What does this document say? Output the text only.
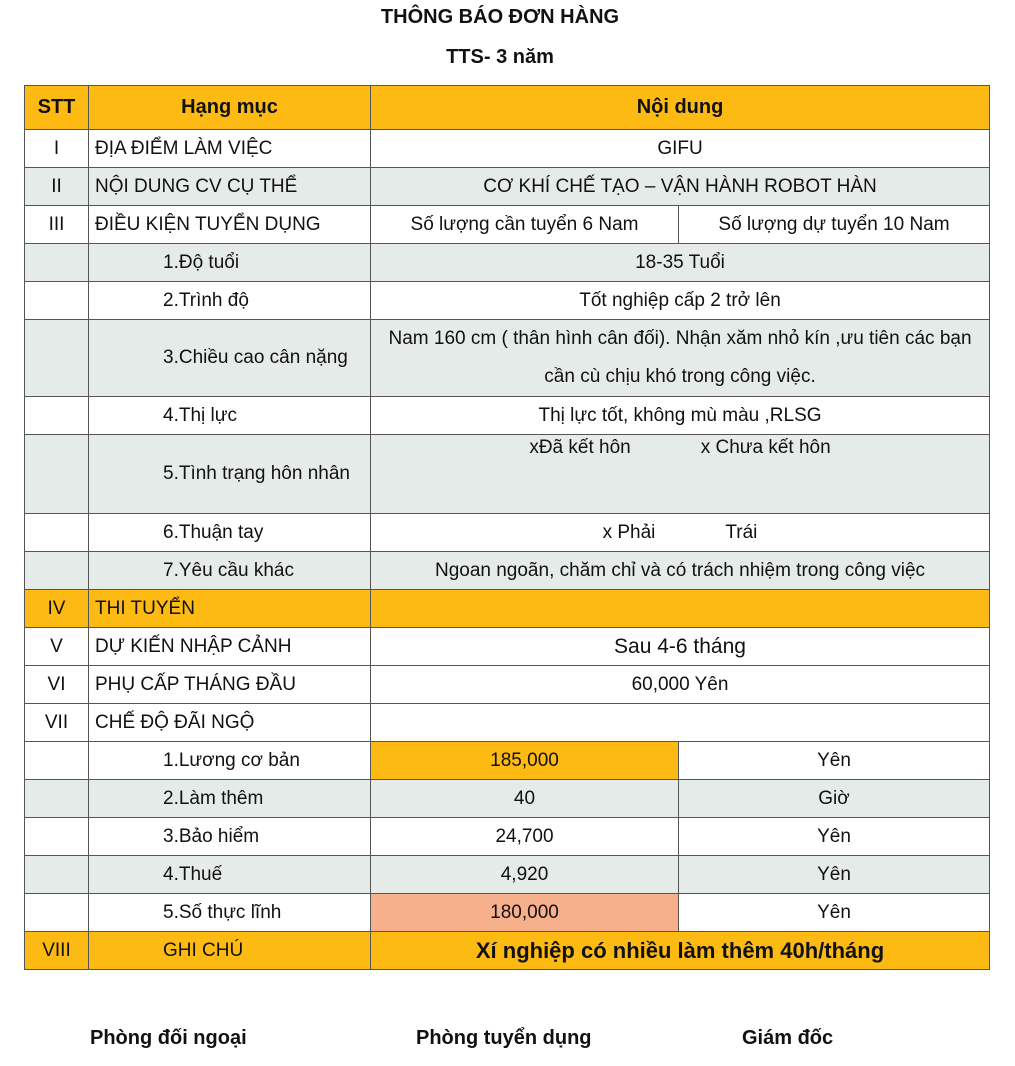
THÔNG BÁO ĐƠN HÀNG
TTS- 3 năm
STT	Hạng mục	Nội dung	
I	ĐỊA ĐIỂM LÀM VIỆC	GIFU	
II	NỘI DUNG CV CỤ THỂ	CƠ KHÍ CHẾ TẠO – VẬN HÀNH ROBOT HÀN	
III	ĐIỀU KIỆN TUYỂN DỤNG	Số lượng cần tuyển 6 Nam	Số lượng dự tuyển 10 Nam
	1.Độ tuổi	18-35 Tuổi	
	2.Trình độ	Tốt nghiệp cấp 2 trở lên	
	3.Chiều cao cân nặng	Nam 160 cm ( thân hình cân đối). Nhận xăm nhỏ kín ,ưu tiên các bạn cần cù chịu khó trong công việc.	
	4.Thị lực	Thị lực tốt, không mù màu ,RLSG	
	5.Tình trạng hôn nhân	xĐã kết hôn x Chưa kết hôn	

	6.Thuận tay	x Phải Trái	

	7.Yêu cầu khác	Ngoan ngoãn, chăm chỉ và có trách nhiệm trong công việc	
IV	THI TUYỂN		
V	DỰ KIẾN NHẬP CẢNH	Sau 4-6 tháng	
VI	PHỤ CẤP THÁNG ĐẦU	60,000 Yên	
VII	CHẾ ĐỘ ĐÃI NGỘ		
	1.Lương cơ bản	185,000	Yên
	2.Làm thêm	40	Giờ
	3.Bảo hiểm	24,700	Yên
	4.Thuế	4,920	Yên
	5.Số thực lĩnh	180,000	Yên
VIII	GHI CHÚ	Xí nghiệp có nhiều làm thêm 40h/tháng	
Phòng đối ngoại	Phòng tuyển dụng	Giám đốc
